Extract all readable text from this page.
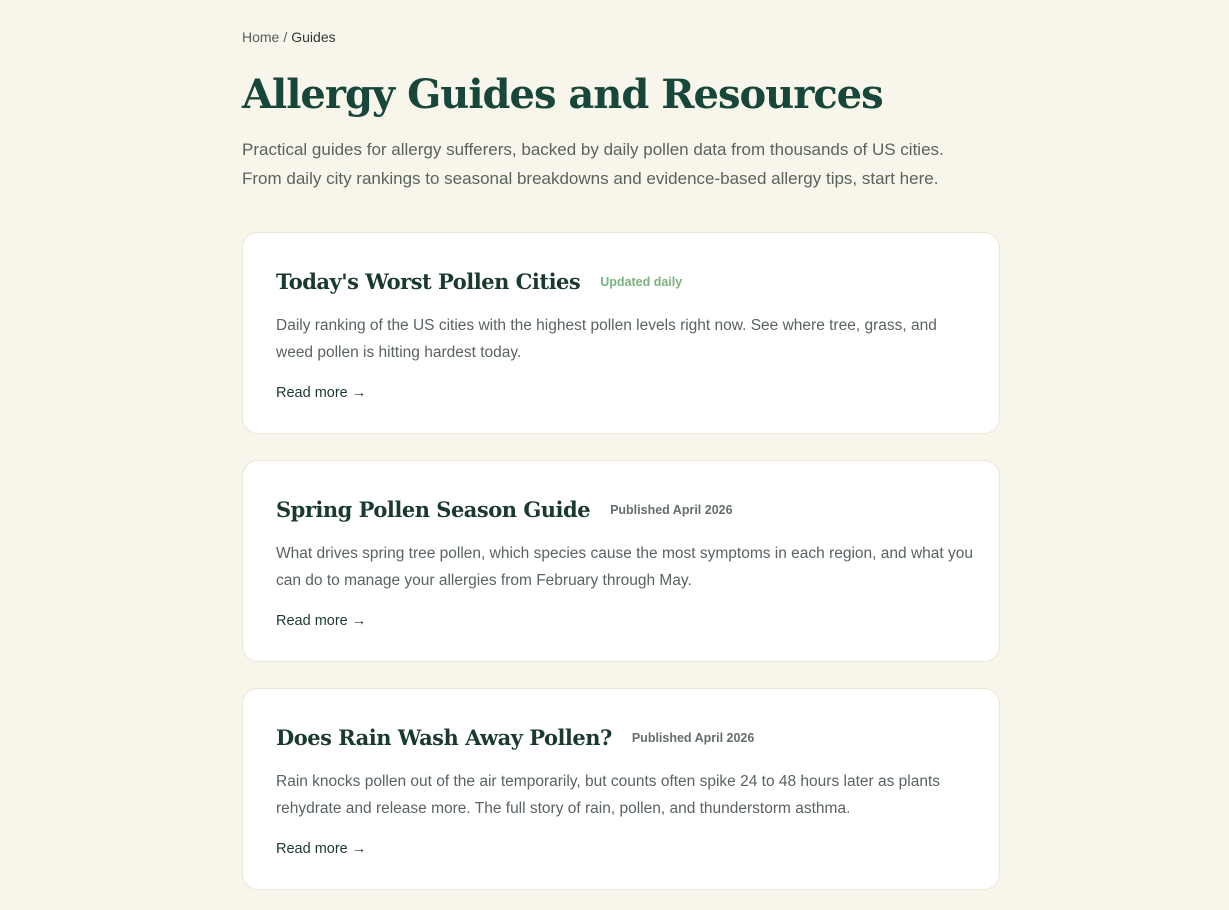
Home / Guides
Allergy Guides and Resources

Practical guides for allergy sufferers, backed by daily pollen data from thousands of US cities.
From daily city rankings to seasonal breakdowns and evidence-based allergy tips, start here.

Today's Worst Pollen Cities Updated daily

Daily ranking of the US cities with the highest pollen levels right now. See where tree, grass, and weed pollen is hitting hardest today.

Read more →
Spring Pollen Season Guide Published April 2026

What drives spring tree pollen, which species cause the most symptoms in each region, and what you can do to manage your allergies from February through May.

Read more →
Does Rain Wash Away Pollen? Published April 2026

Rain knocks pollen out of the air temporarily, but counts often spike 24 to 48 hours later as plants rehydrate and release more. The full story of rain, pollen, and thunderstorm asthma.

Read more →
